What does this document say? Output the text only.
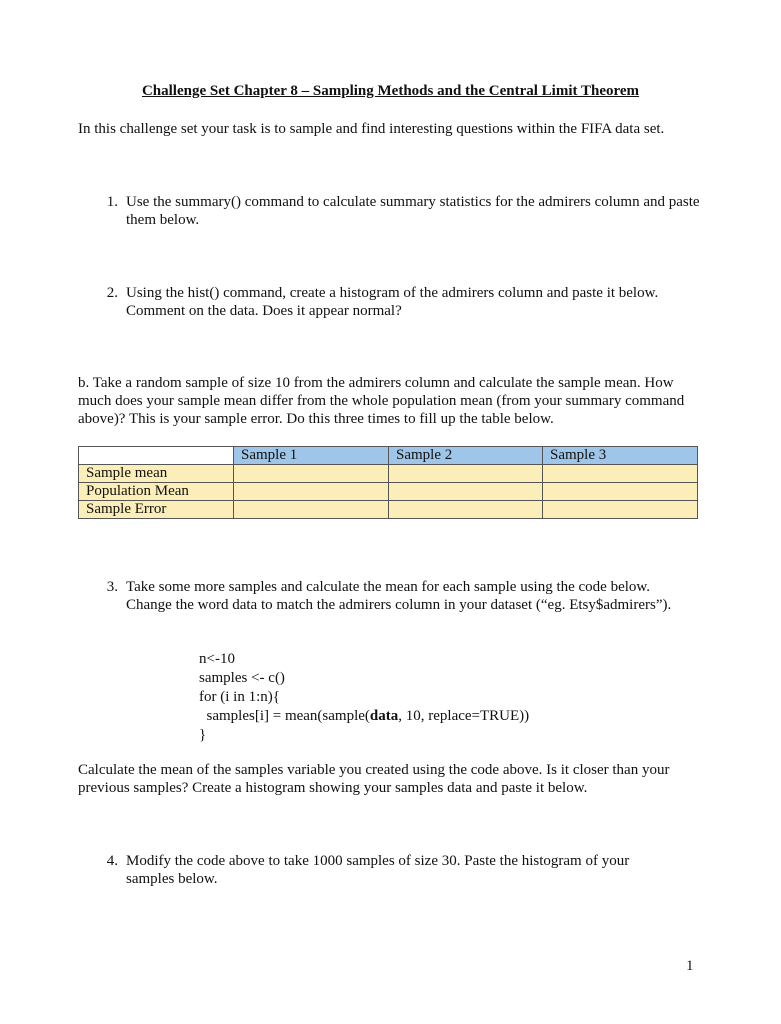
Challenge Set Chapter 8 – Sampling Methods and the Central Limit Theorem
In this challenge set your task is to sample and find interesting questions within the FIFA data set.
1. Use the summary() command to calculate summary statistics for the admirers column and paste them below.
2. Using the hist() command, create a histogram of the admirers column and paste it below. Comment on the data. Does it appear normal?
b. Take a random sample of size 10 from the admirers column and calculate the sample mean. How much does your sample mean differ from the whole population mean (from your summary command above)? This is your sample error. Do this three times to fill up the table below.
	Sample 1	Sample 2	Sample 3
Sample mean			
Population Mean			
Sample Error			
3. Take some more samples and calculate the mean for each sample using the code below. Change the word data to match the admirers column in your dataset (“eg. Etsy$admirers”).
n<-10
samples <- c()
for (i in 1:n){
samples[i] = mean(sample(data, 10, replace=TRUE))
}
Calculate the mean of the samples variable you created using the code above. Is it closer than your previous samples? Create a histogram showing your samples data and paste it below.
4. Modify the code above to take 1000 samples of size 30. Paste the histogram of your samples below.
1
